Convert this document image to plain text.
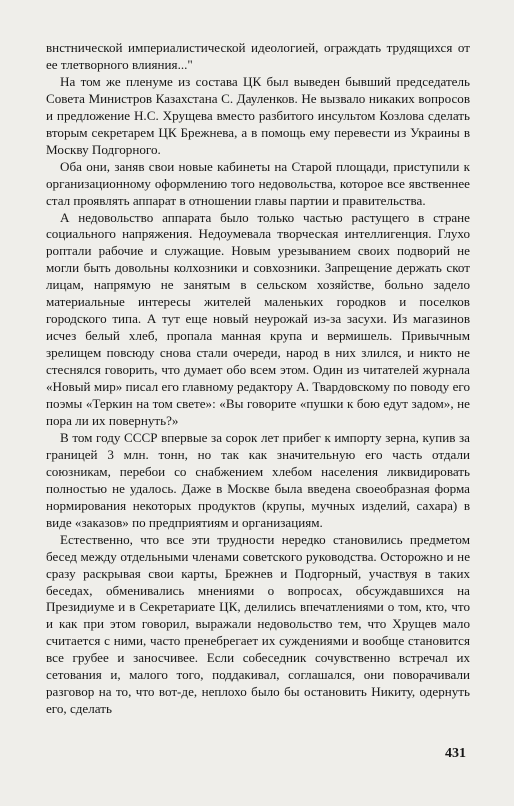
внстнической империалистической идеологией, ограждать трудящихся от ее тлетворного влияния..."

На том же пленуме из состава ЦК был выведен бывший председатель Совета Министров Казахстана С. Дауленков. Не вызвало никаких вопросов и предложение Н.С. Хрущева вместо разбитого инсультом Козлова сделать вторым секретарем ЦК Брежнева, а в помощь ему перевести из Украины в Москву Подгорного.

Оба они, заняв свои новые кабинеты на Старой площади, приступили к организационному оформлению того недовольства, которое все явственнее стал проявлять аппарат в отношении главы партии и правительства.

А недовольство аппарата было только частью растущего в стране социального напряжения. Недоумевала творческая интеллигенция. Глухо роптали рабочие и служащие. Новым урезыванием своих подворий не могли быть довольны колхозники и совхозники. Запрещение держать скот лицам, напрямую не занятым в сельском хозяйстве, больно задело материальные интересы жителей маленьких городков и поселков городского типа. А тут еще новый неурожай из-за засухи. Из магазинов исчез белый хлеб, пропала манная крупа и вермишель. Привычным зрелищем повсюду снова стали очереди, народ в них злился, и никто не стеснялся говорить, что думает обо всем этом. Один из читателей журнала «Новый мир» писал его главному редактору А. Твардовскому по поводу его поэмы «Теркин на том свете»: «Вы говорите «пушки к бою едут задом», не пора ли их повернуть?»

В том году СССР впервые за сорок лет прибег к импорту зерна, купив за границей 3 млн. тонн, но так как значительную его часть отдали союзникам, перебои со снабжением хлебом населения ликвидировать полностью не удалось. Даже в Москве была введена своеобразная форма нормирования некоторых продуктов (крупы, мучных изделий, сахара) в виде «заказов» по предприятиям и организациям.

Естественно, что все эти трудности нередко становились предметом бесед между отдельными членами советского руководства. Осторожно и не сразу раскрывая свои карты, Брежнев и Подгорный, участвуя в таких беседах, обменивались мнениями о вопросах, обсуждавшихся на Президиуме и в Секретариате ЦК, делились впечатлениями о том, кто, что и как при этом говорил, выражали недовольство тем, что Хрущев мало считается с ними, часто пренебрегает их суждениями и вообще становится все грубее и заносчивее. Если собеседник сочувственно встречал их сетования и, малого того, поддакивал, соглашался, они поворачивали разговор на то, что вот-де, неплохо было бы остановить Никиту, одернуть его, сделать

431
